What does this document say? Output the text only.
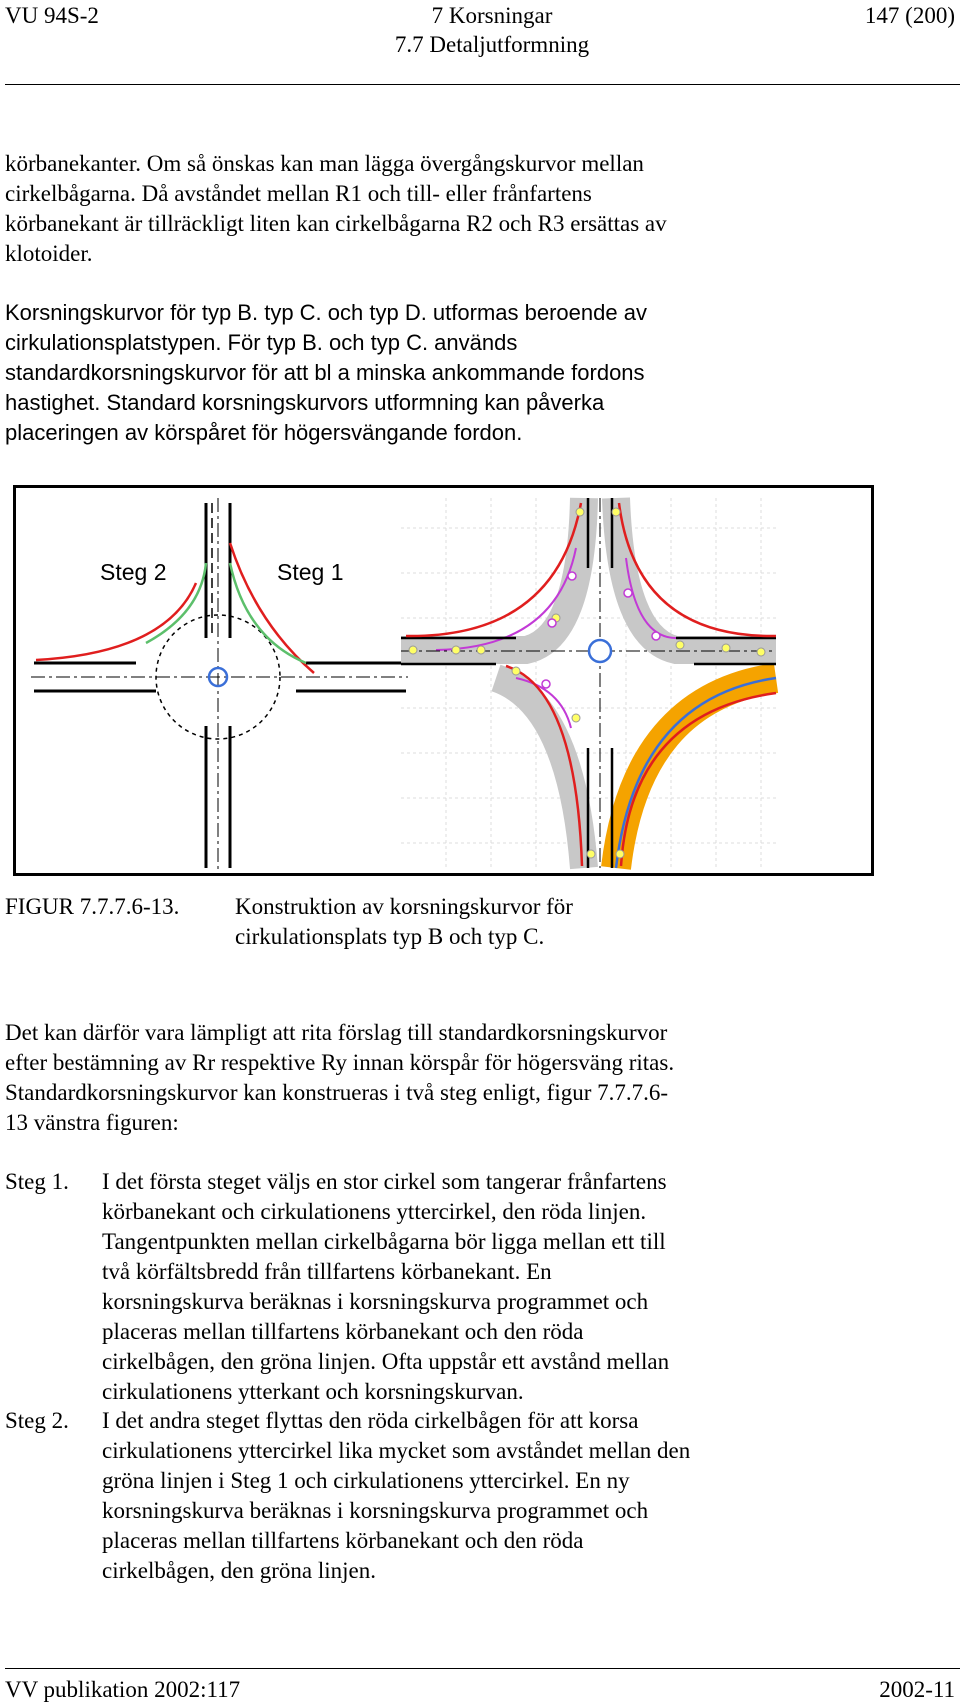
VU 94S-2	7 Korsningar
7.7 Detaljutformning
147 (200)

körbanekanter. Om så önskas kan man lägga övergångskurvor mellan
cirkelbågarna. Då avståndet mellan R1 och till- eller frånfartens
körbanekant är tillräckligt liten kan cirkelbågarna R2 och R3 ersättas av
klotoider.

Korsningskurvor för typ B. typ C. och typ D. utformas beroende av
cirkulationsplatstypen. För typ B. och typ C. används
standardkorsningskurvor för att bl a minska ankommande fordons
hastighet. Standard korsningskurvors utformning kan påverka
placeringen av körspåret för högersvängande fordon.

Steg 2	Steg 1
FIGUR 7.7.7.6-13. Konstruktion av korsningskurvor för
cirkulationsplats typ B och typ C.

Det kan därför vara lämpligt att rita förslag till standardkorsningskurvor
efter bestämning av Rr respektive Ry innan körspår för högersväng ritas.
Standardkorsningskurvor kan konstrueras i två steg enligt, figur 7.7.7.6-
13 vänstra figuren:

Steg 1. I det första steget väljs en stor cirkel som tangerar frånfartens
körbanekant och cirkulationens yttercirkel, den röda linjen.
Tangentpunkten mellan cirkelbågarna bör ligga mellan ett till
två körfältsbredd från tillfartens körbanekant. En
korsningskurva beräknas i korsningskurva programmet och
placeras mellan tillfartens körbanekant och den röda
cirkelbågen, den gröna linjen. Ofta uppstår ett avstånd mellan
cirkulationens ytterkant och korsningskurvan.
Steg 2. I det andra steget flyttas den röda cirkelbågen för att korsa
cirkulationens yttercirkel lika mycket som avståndet mellan den
gröna linjen i Steg 1 och cirkulationens yttercirkel. En ny
korsningskurva beräknas i korsningskurva programmet och
placeras mellan tillfartens körbanekant och den röda
cirkelbågen, den gröna linjen.
VV publikation 2002:117	2002-11
